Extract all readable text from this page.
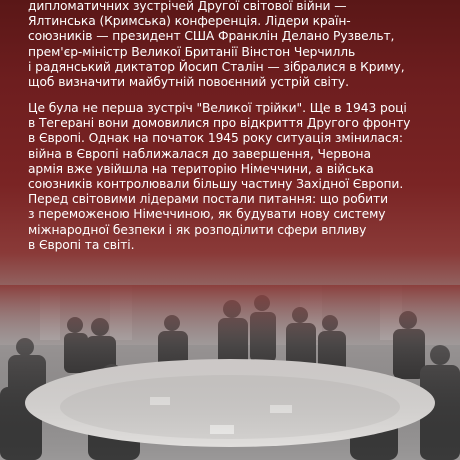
дипломатичних зустрічей Другої світової війни —
Ялтинська (Кримська) конференція. Лідери країн-
союзників — президент США Франклін Делано Рузвельт,
прем'єр-міністр Великої Британії Вінстон Черчилль
і радянський диктатор Йосип Сталін — зібралися в Криму,
щоб визначити майбутній повоєнний устрій світу.
Це була не перша зустріч "Великої трійки". Ще в 1943 році
в Тегерані вони домовилися про відкриття Другого фронту
в Європі. Однак на початок 1945 року ситуація змінилася:
війна в Європі наближалася до завершення, Червона
армія вже увійшла на територію Німеччини, а війська
союзників контролювали більшу частину Західної Європи.
Перед світовими лідерами постали питання: що робити
з переможеною Німеччиною, як будувати нову систему
міжнародної безпеки і як розподілити сфери впливу
в Європі та світі.
